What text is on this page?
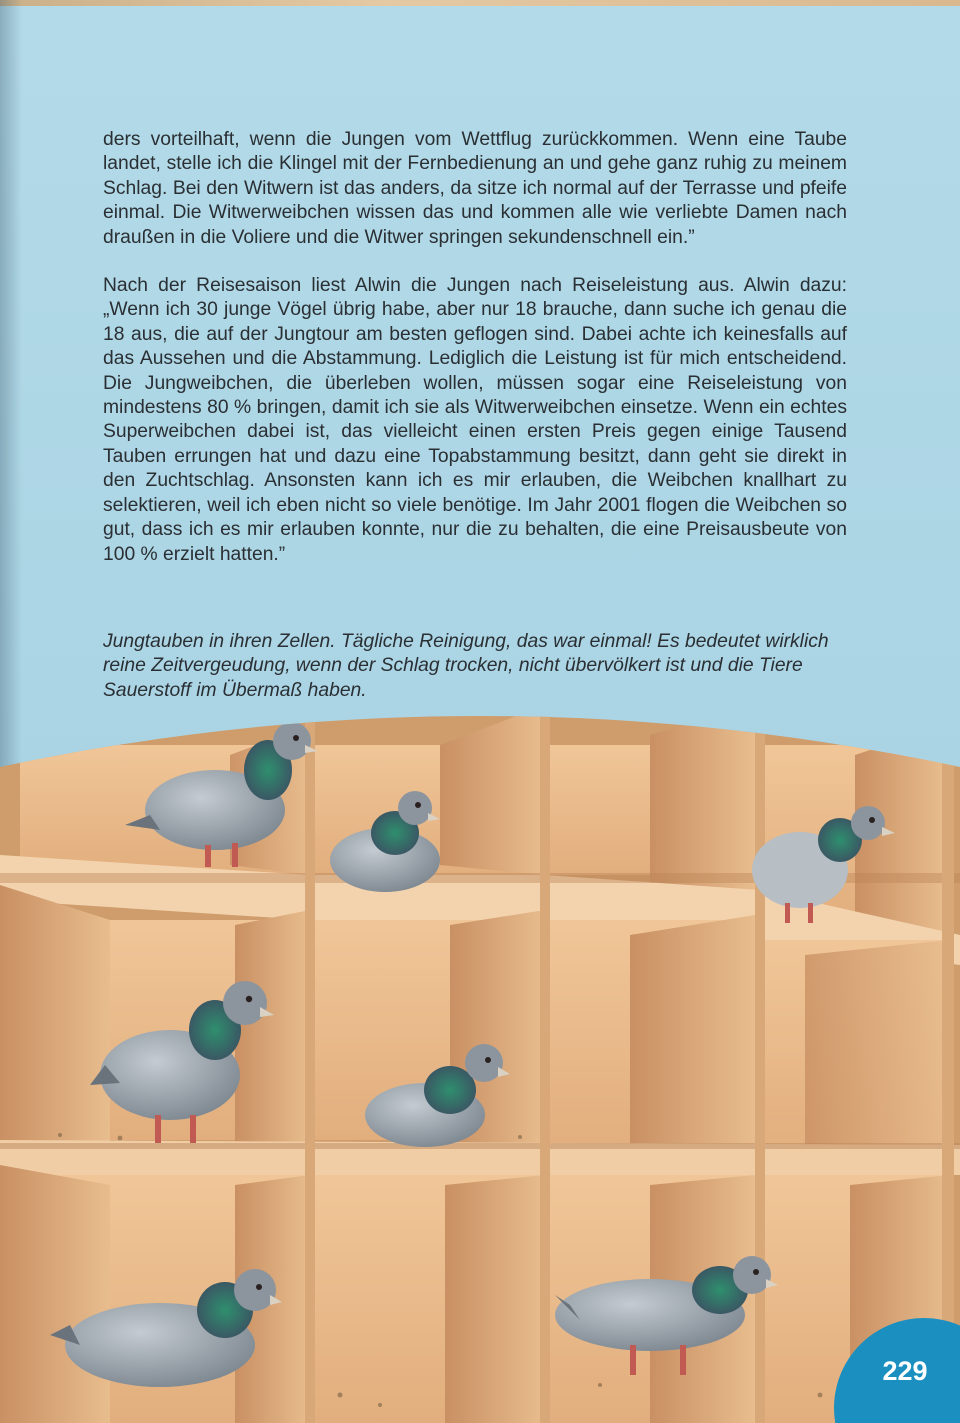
ders vorteilhaft, wenn die Jungen vom Wettflug zurückkommen. Wenn eine Taube landet, stelle ich die Klingel mit der Fernbedienung an und gehe ganz ruhig zu meinem Schlag. Bei den Witwern ist das anders, da sitze ich normal auf der Terrasse und pfeife einmal. Die Witwerweibchen wissen das und kommen alle wie verliebte Damen nach draußen in die Voliere und die Witwer springen sekundenschnell ein.”

Nach der Reisesaison liest Alwin die Jungen nach Reiseleistung aus. Alwin dazu: „Wenn ich 30 junge Vögel übrig habe, aber nur 18 brauche, dann suche ich genau die 18 aus, die auf der Jungtour am besten geflogen sind. Dabei achte ich keinesfalls auf das Aussehen und die Abstammung. Lediglich die Leistung ist für mich entscheidend. Die Jungweibchen, die überleben wollen, müssen sogar eine Reiseleistung von mindestens 80 % bringen, damit ich sie als Witwerweibchen einsetze. Wenn ein echtes Superweibchen dabei ist, das vielleicht einen ersten Preis gegen einige Tausend Tauben errungen hat und dazu eine Topabstammung besitzt, dann geht sie direkt in den Zuchtschlag. Ansonsten kann ich es mir erlauben, die Weibchen knallhart zu selektieren, weil ich eben nicht so viele benötige. Im Jahr 2001 flogen die Weibchen so gut, dass ich es mir erlauben konnte, nur die zu behalten, die eine Preisausbeute von 100 % erzielt hatten.”

Jungtauben in ihren Zellen. Tägliche Reinigung, das war einmal! Es bedeutet wirklich reine Zeitvergeudung, wenn der Schlag trocken, nicht übervölkert ist und die Tiere Sauerstoff im Übermaß haben.

229
